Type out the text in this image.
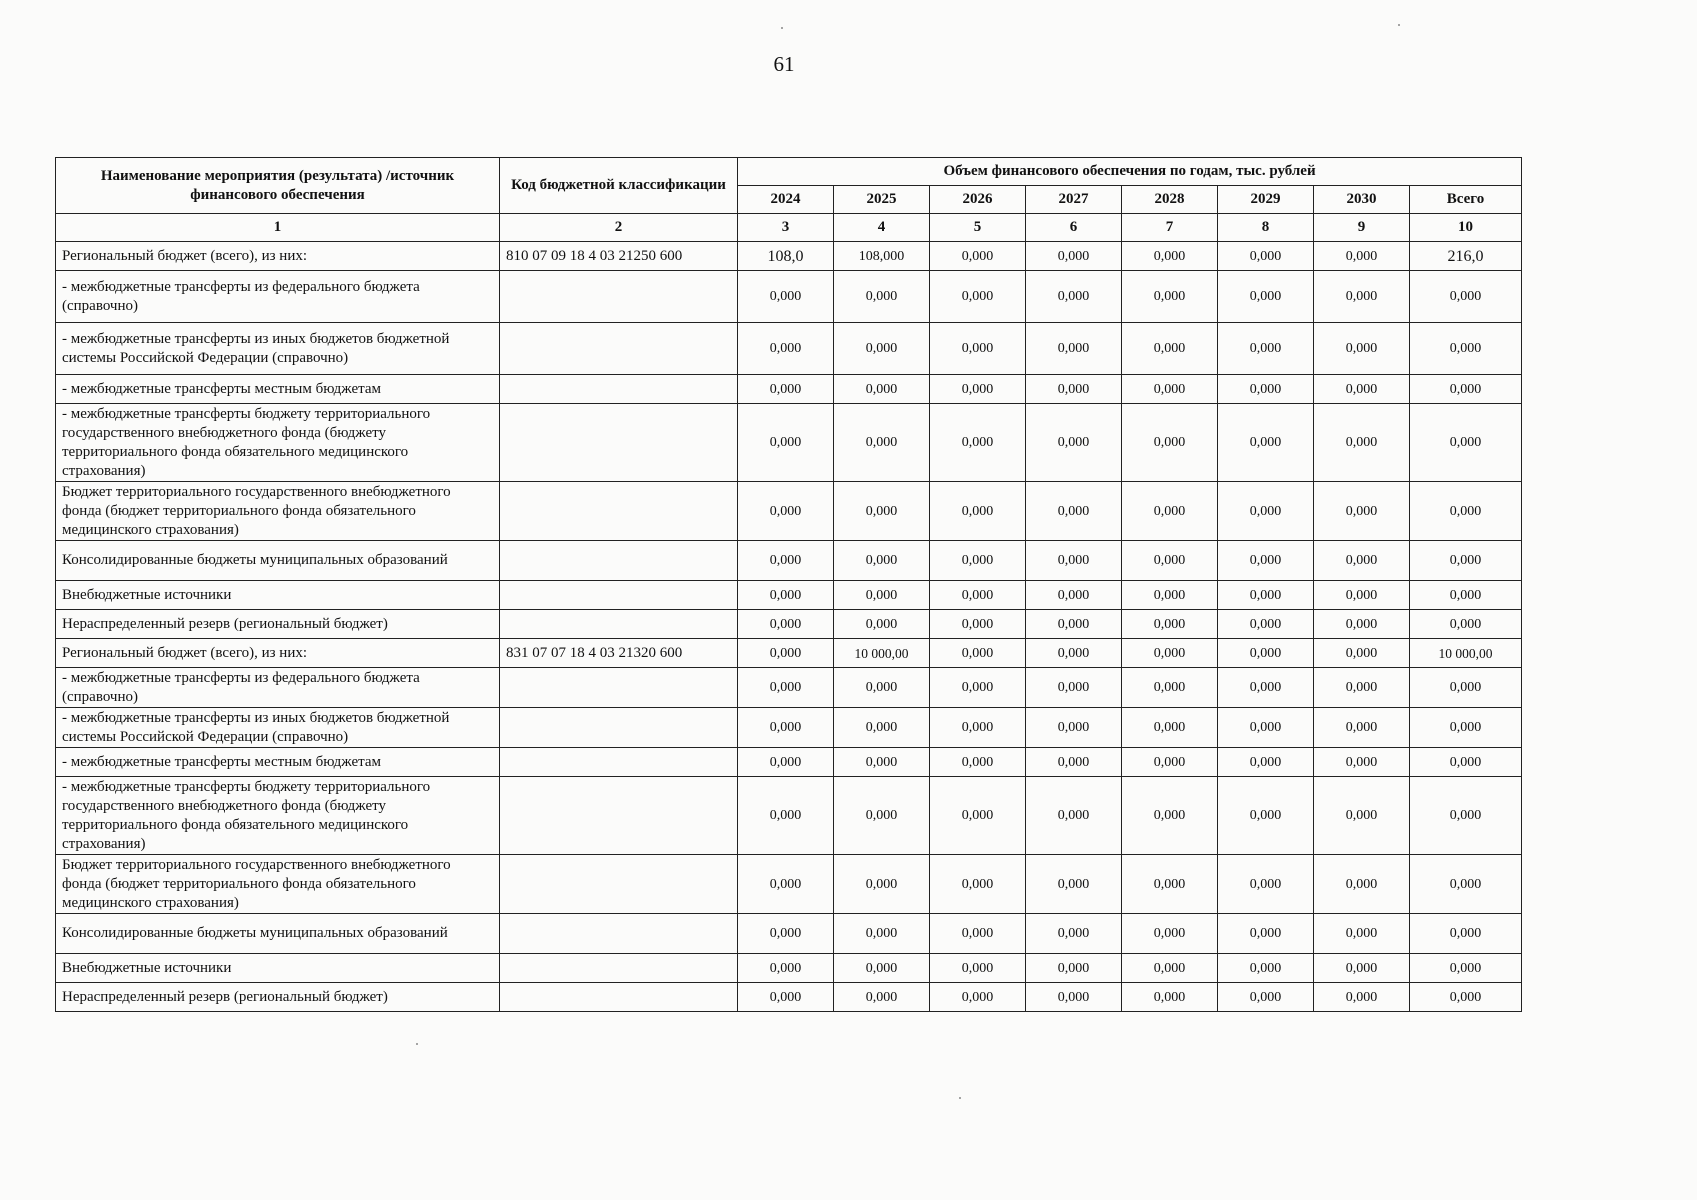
61
Наименование мероприятия (результата) /источник финансового обеспечения	Код бюджетной классификации	Объем финансового обеспечения по годам, тыс. рублей							
		2024	2025	2026	2027	2028	2029	2030	Всего
1	2	3	4	5	6	7	8	9	10
Региональный бюджет (всего), из них:	810 07 09 18 4 03 21250 600	108,0	108,000	0,000	0,000	0,000	0,000	0,000	216,0
- межбюджетные трансферты из федерального бюджета (справочно)		0,000	0,000	0,000	0,000	0,000	0,000	0,000	0,000
- межбюджетные трансферты из иных бюджетов бюджетной системы Российской Федерации (справочно)		0,000	0,000	0,000	0,000	0,000	0,000	0,000	0,000
- межбюджетные трансферты местным бюджетам		0,000	0,000	0,000	0,000	0,000	0,000	0,000	0,000
- межбюджетные трансферты бюджету территориального государственного внебюджетного фонда (бюджету территориального фонда обязательного медицинского страхования)		0,000	0,000	0,000	0,000	0,000	0,000	0,000	0,000
Бюджет территориального государственного внебюджетного фонда (бюджет территориального фонда обязательного медицинского страхования)		0,000	0,000	0,000	0,000	0,000	0,000	0,000	0,000
Консолидированные бюджеты муниципальных образований		0,000	0,000	0,000	0,000	0,000	0,000	0,000	0,000
Внебюджетные источники		0,000	0,000	0,000	0,000	0,000	0,000	0,000	0,000
Нераспределенный резерв (региональный бюджет)		0,000	0,000	0,000	0,000	0,000	0,000	0,000	0,000
Региональный бюджет (всего), из них:	831 07 07 18 4 03 21320 600	0,000	10 000,00	0,000	0,000	0,000	0,000	0,000	10 000,00
- межбюджетные трансферты из федерального бюджета (справочно)		0,000	0,000	0,000	0,000	0,000	0,000	0,000	0,000
- межбюджетные трансферты из иных бюджетов бюджетной системы Российской Федерации (справочно)		0,000	0,000	0,000	0,000	0,000	0,000	0,000	0,000
- межбюджетные трансферты местным бюджетам		0,000	0,000	0,000	0,000	0,000	0,000	0,000	0,000
- межбюджетные трансферты бюджету территориального государственного внебюджетного фонда (бюджету территориального фонда обязательного медицинского страхования)		0,000	0,000	0,000	0,000	0,000	0,000	0,000	0,000
Бюджет территориального государственного внебюджетного фонда (бюджет территориального фонда обязательного медицинского страхования)		0,000	0,000	0,000	0,000	0,000	0,000	0,000	0,000
Консолидированные бюджеты муниципальных образований		0,000	0,000	0,000	0,000	0,000	0,000	0,000	0,000
Внебюджетные источники		0,000	0,000	0,000	0,000	0,000	0,000	0,000	0,000
Нераспределенный резерв (региональный бюджет)		0,000	0,000	0,000	0,000	0,000	0,000	0,000	0,000
